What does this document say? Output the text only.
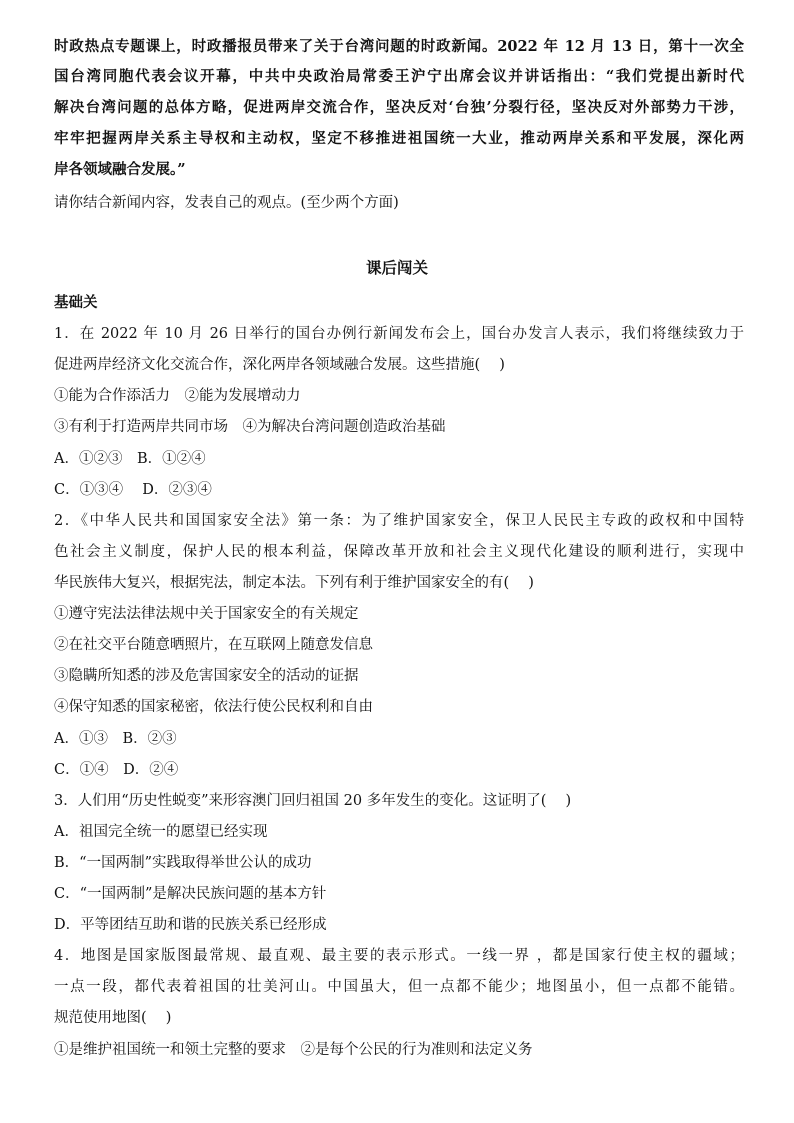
时政热点专题课上，时政播报员带来了关于台湾问题的时政新闻。2022 年 12 月 13 日，第十一次全
国台湾同胞代表会议开幕，中共中央政治局常委王沪宁出席会议并讲话指出：“我们党提出新时代
解决台湾问题的总体方略，促进两岸交流合作，坚决反对‘台独’分裂行径，坚决反对外部势力干涉，
牢牢把握两岸关系主导权和主动权，坚定不移推进祖国统一大业，推动两岸关系和平发展，深化两
岸各领域融合发展。”
请你结合新闻内容，发表自己的观点。(至少两个方面)
课后闯关
基础关
1．在 2022 年 10 月 26 日举行的国台办例行新闻发布会上，国台办发言人表示，我们将继续致力于
促进两岸经济文化交流合作，深化两岸各领域融合发展。这些措施(　 )
①能为合作添活力　②能为发展增动力
③有利于打造两岸共同市场　④为解决台湾问题创造政治基础
A．①②③　B．①②④
C．①③④　 D．②③④
2．《中华人民共和国国家安全法》第一条：为了维护国家安全，保卫人民民主专政的政权和中国特
色社会主义制度，保护人民的根本利益，保障改革开放和社会主义现代化建设的顺利进行，实现中
华民族伟大复兴，根据宪法，制定本法。下列有利于维护国家安全的有(　 )
①遵守宪法法律法规中关于国家安全的有关规定
②在社交平台随意晒照片，在互联网上随意发信息
③隐瞒所知悉的涉及危害国家安全的活动的证据
④保守知悉的国家秘密，依法行使公民权利和自由
A．①③　B．②③
C．①④　D．②④
3．人们用“历史性蜕变”来形容澳门回归祖国 20 多年发生的变化。这证明了(　 )
A．祖国完全统一的愿望已经实现
B．“一国两制”实践取得举世公认的成功
C．“一国两制”是解决民族问题的基本方针
D．平等团结互助和谐的民族关系已经形成
4．地图是国家版图最常规、最直观、最主要的表示形式。一线一界 ，都是国家行使主权的疆域；
一点一段，都代表着祖国的壮美河山。中国虽大，但一点都不能少；地图虽小，但一点都不能错。
规范使用地图(　 )
①是维护祖国统一和领土完整的要求　②是每个公民的行为准则和法定义务
